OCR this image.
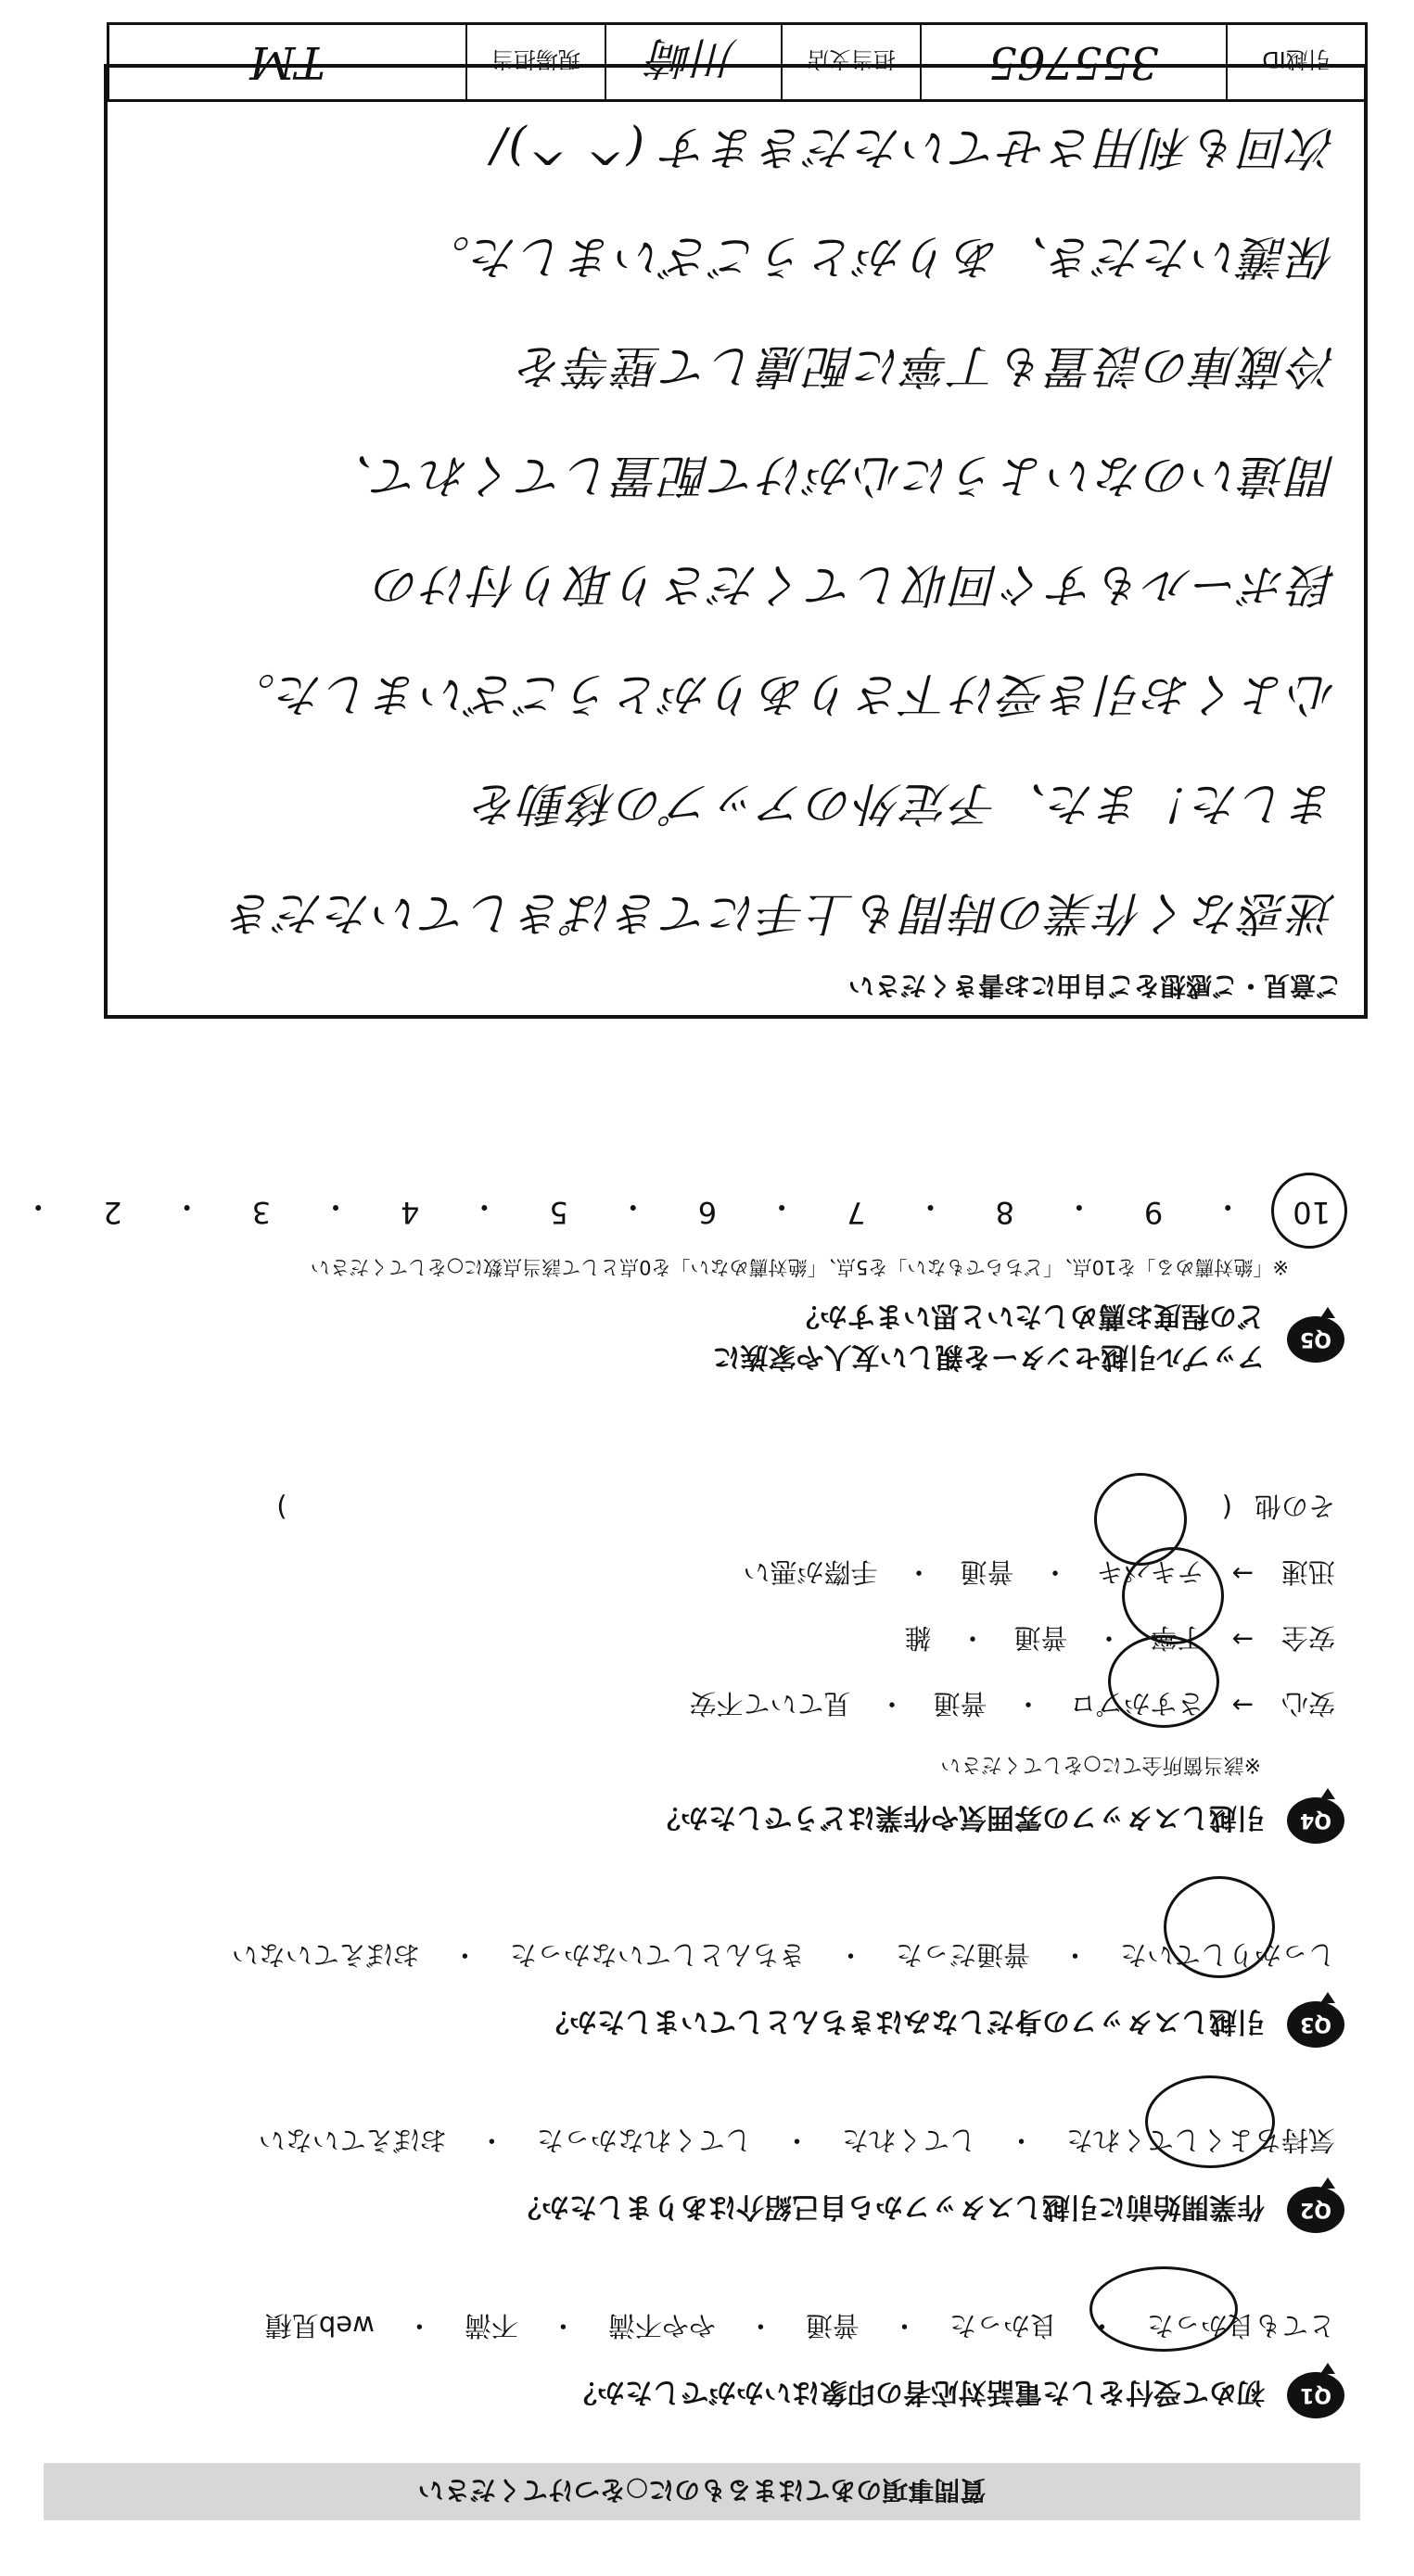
引越ID
355765
担当支店
川崎
現場担当
TM
質問事項のあてはまるものに○をつけてください
Q1
初めて受付をした電話対応者の印象はいかがでしたか？
とても良かった
・
良かった
・
普通
・
やや不満
・
不満
・
web見積
Q2
作業開始前に引越しスタッフから自己紹介はありましたか？
気持ちよくしてくれた
・
してくれた
・
してくれなかった
・
おぼえていない
Q3
引越しスタッフの身だしなみはきちんとしていましたか？
しっかりしていた
・
普通だった
・
きちんとしていなかった
・
おぼえていない
Q4
引越しスタッフの雰囲気や作業はどうでしたか？
※該当箇所全てに○をしてください
安心
→
さすがプロ
・
普通
・
見ていて不安
安全
→
丁寧
・
普通
・
雑
迅速
→
テキパキ
・
普通
・
手際が悪い
その他
(
)
Q5
アップル引越センターを親しい友人や家族に
どの程度お薦めしたいと思いますか？
※「絶対薦める」を10点、「どちらでもない」を5点、「絶対薦めない」を0点として該当点数に○をしてください
10
・
9
・
8
・
7
・
6
・
5
・
4
・
3
・
2
・
ご意見・ご感想をご自由にお書きください
迷惑なく作業の時間も上手にてきぱきしていただき
ました！また、予定外のアップの移動を
心よくお引き受け下さりありがとうございました。
段ボールもすぐ回収してくださり取り付けの
間違いのないように心がけて配置してくれて、
冷蔵庫の設置も丁寧に配慮して壁等を
保護いただき、ありがとうございました。
次回も利用させていただきます (^ ^)/
